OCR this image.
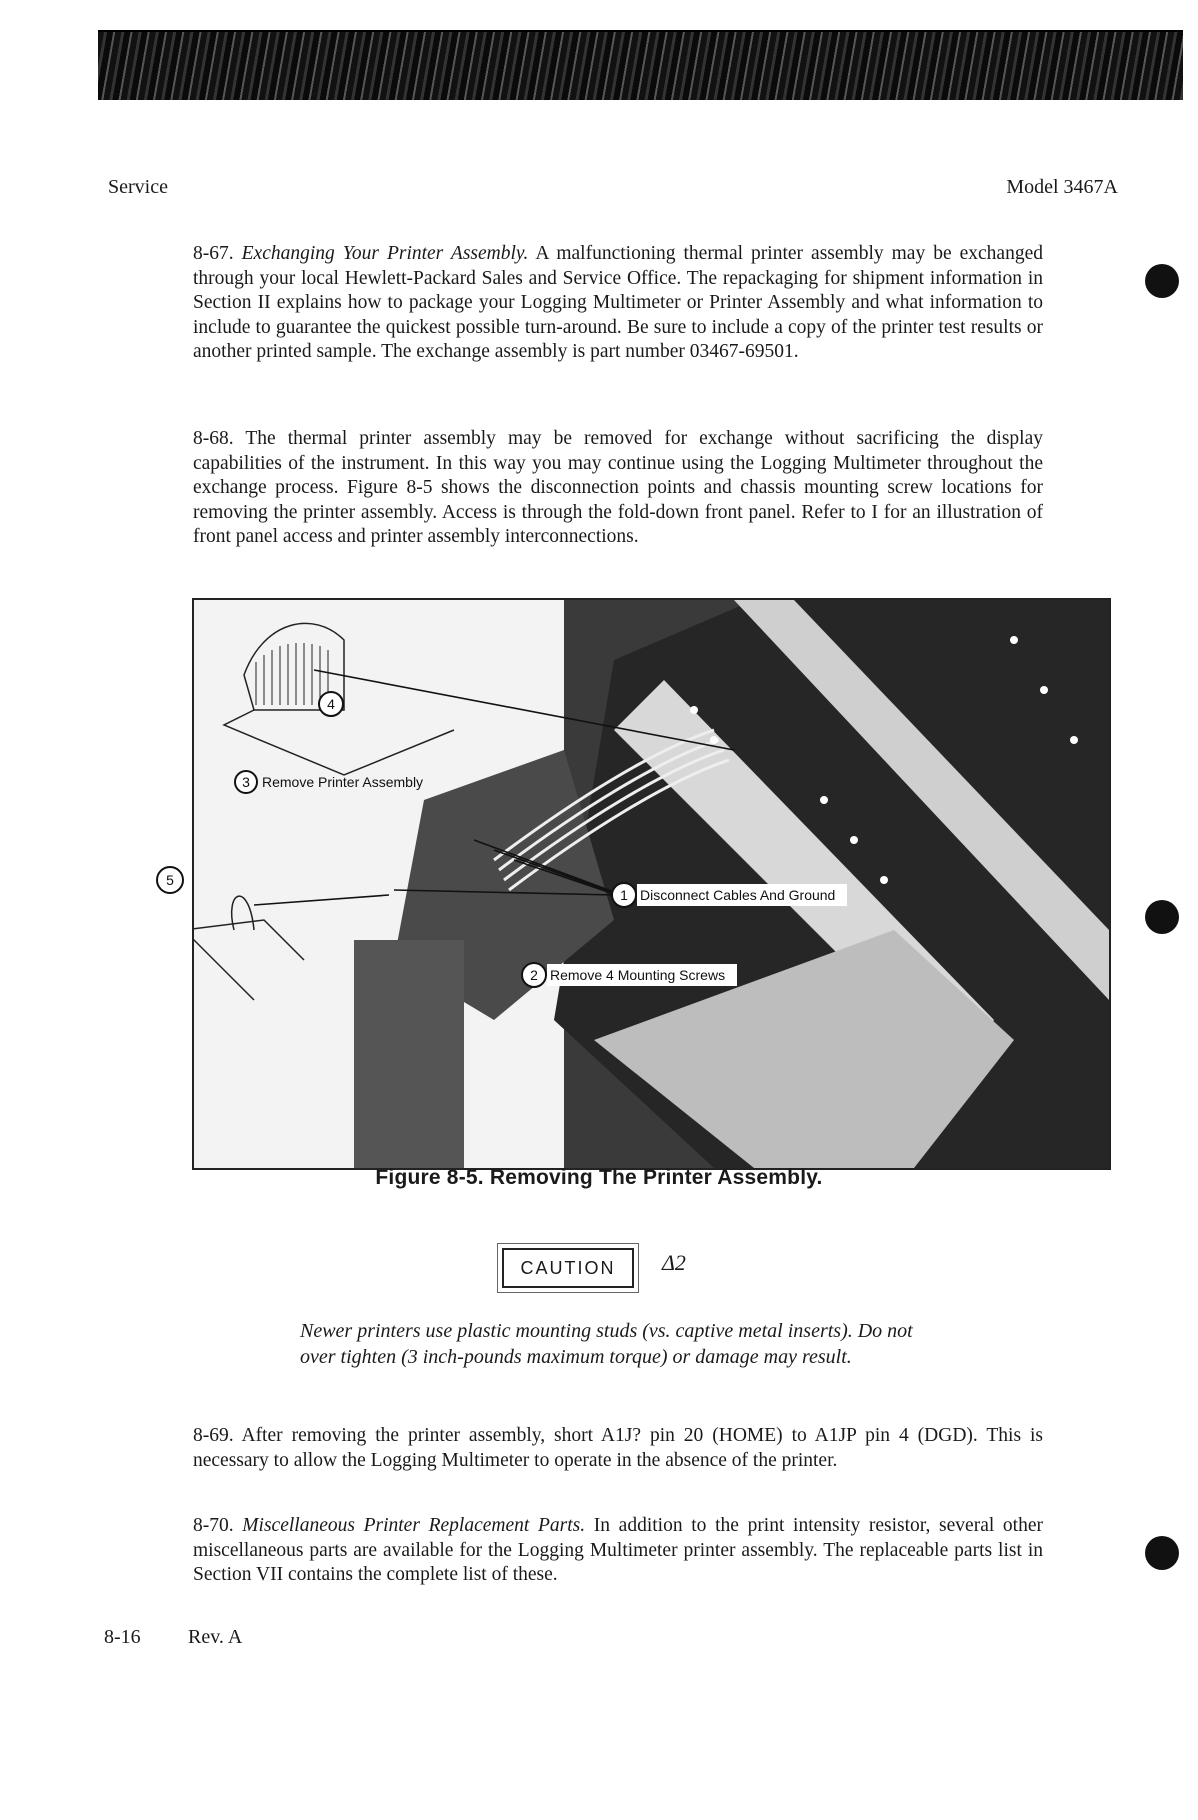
Service	Model 3467A

8-67. Exchanging Your Printer Assembly. A malfunctioning thermal printer assembly may be exchanged through your local Hewlett-Packard Sales and Service Office. The repackaging for shipment information in Section II explains how to package your Logging Multimeter or Printer Assembly and what information to include to guarantee the quickest possible turn-around. Be sure to include a copy of the printer test results or another printed sample. The exchange assembly is part number 03467-69501.

8-68. The thermal printer assembly may be removed for exchange without sacrificing the display capabilities of the instrument. In this way you may continue using the Logging Multimeter throughout the exchange process. Figure 8-5 shows the disconnection points and chassis mounting screw locations for removing the printer assembly. Access is through the fold-down front panel. Refer to I for an illustration of front panel access and printer assembly interconnections.

4
3 Remove Printer Assembly
1 Disconnect Cables And Ground
2 Remove 4 Mounting Screws
5
Figure 8-5. Removing The Printer Assembly.
CAUTION	Δ2

Newer printers use plastic mounting studs (vs. captive metal inserts). Do not over tighten (3 inch-pounds maximum torque) or damage may result.

8-69. After removing the printer assembly, short A1J? pin 20 (HOME) to A1JP pin 4 (DGD). This is necessary to allow the Logging Multimeter to operate in the absence of the printer.

8-70. Miscellaneous Printer Replacement Parts. In addition to the print intensity resistor, several other miscellaneous parts are available for the Logging Multimeter printer assembly. The replaceable parts list in Section VII contains the complete list of these.

8-16 Rev. A
